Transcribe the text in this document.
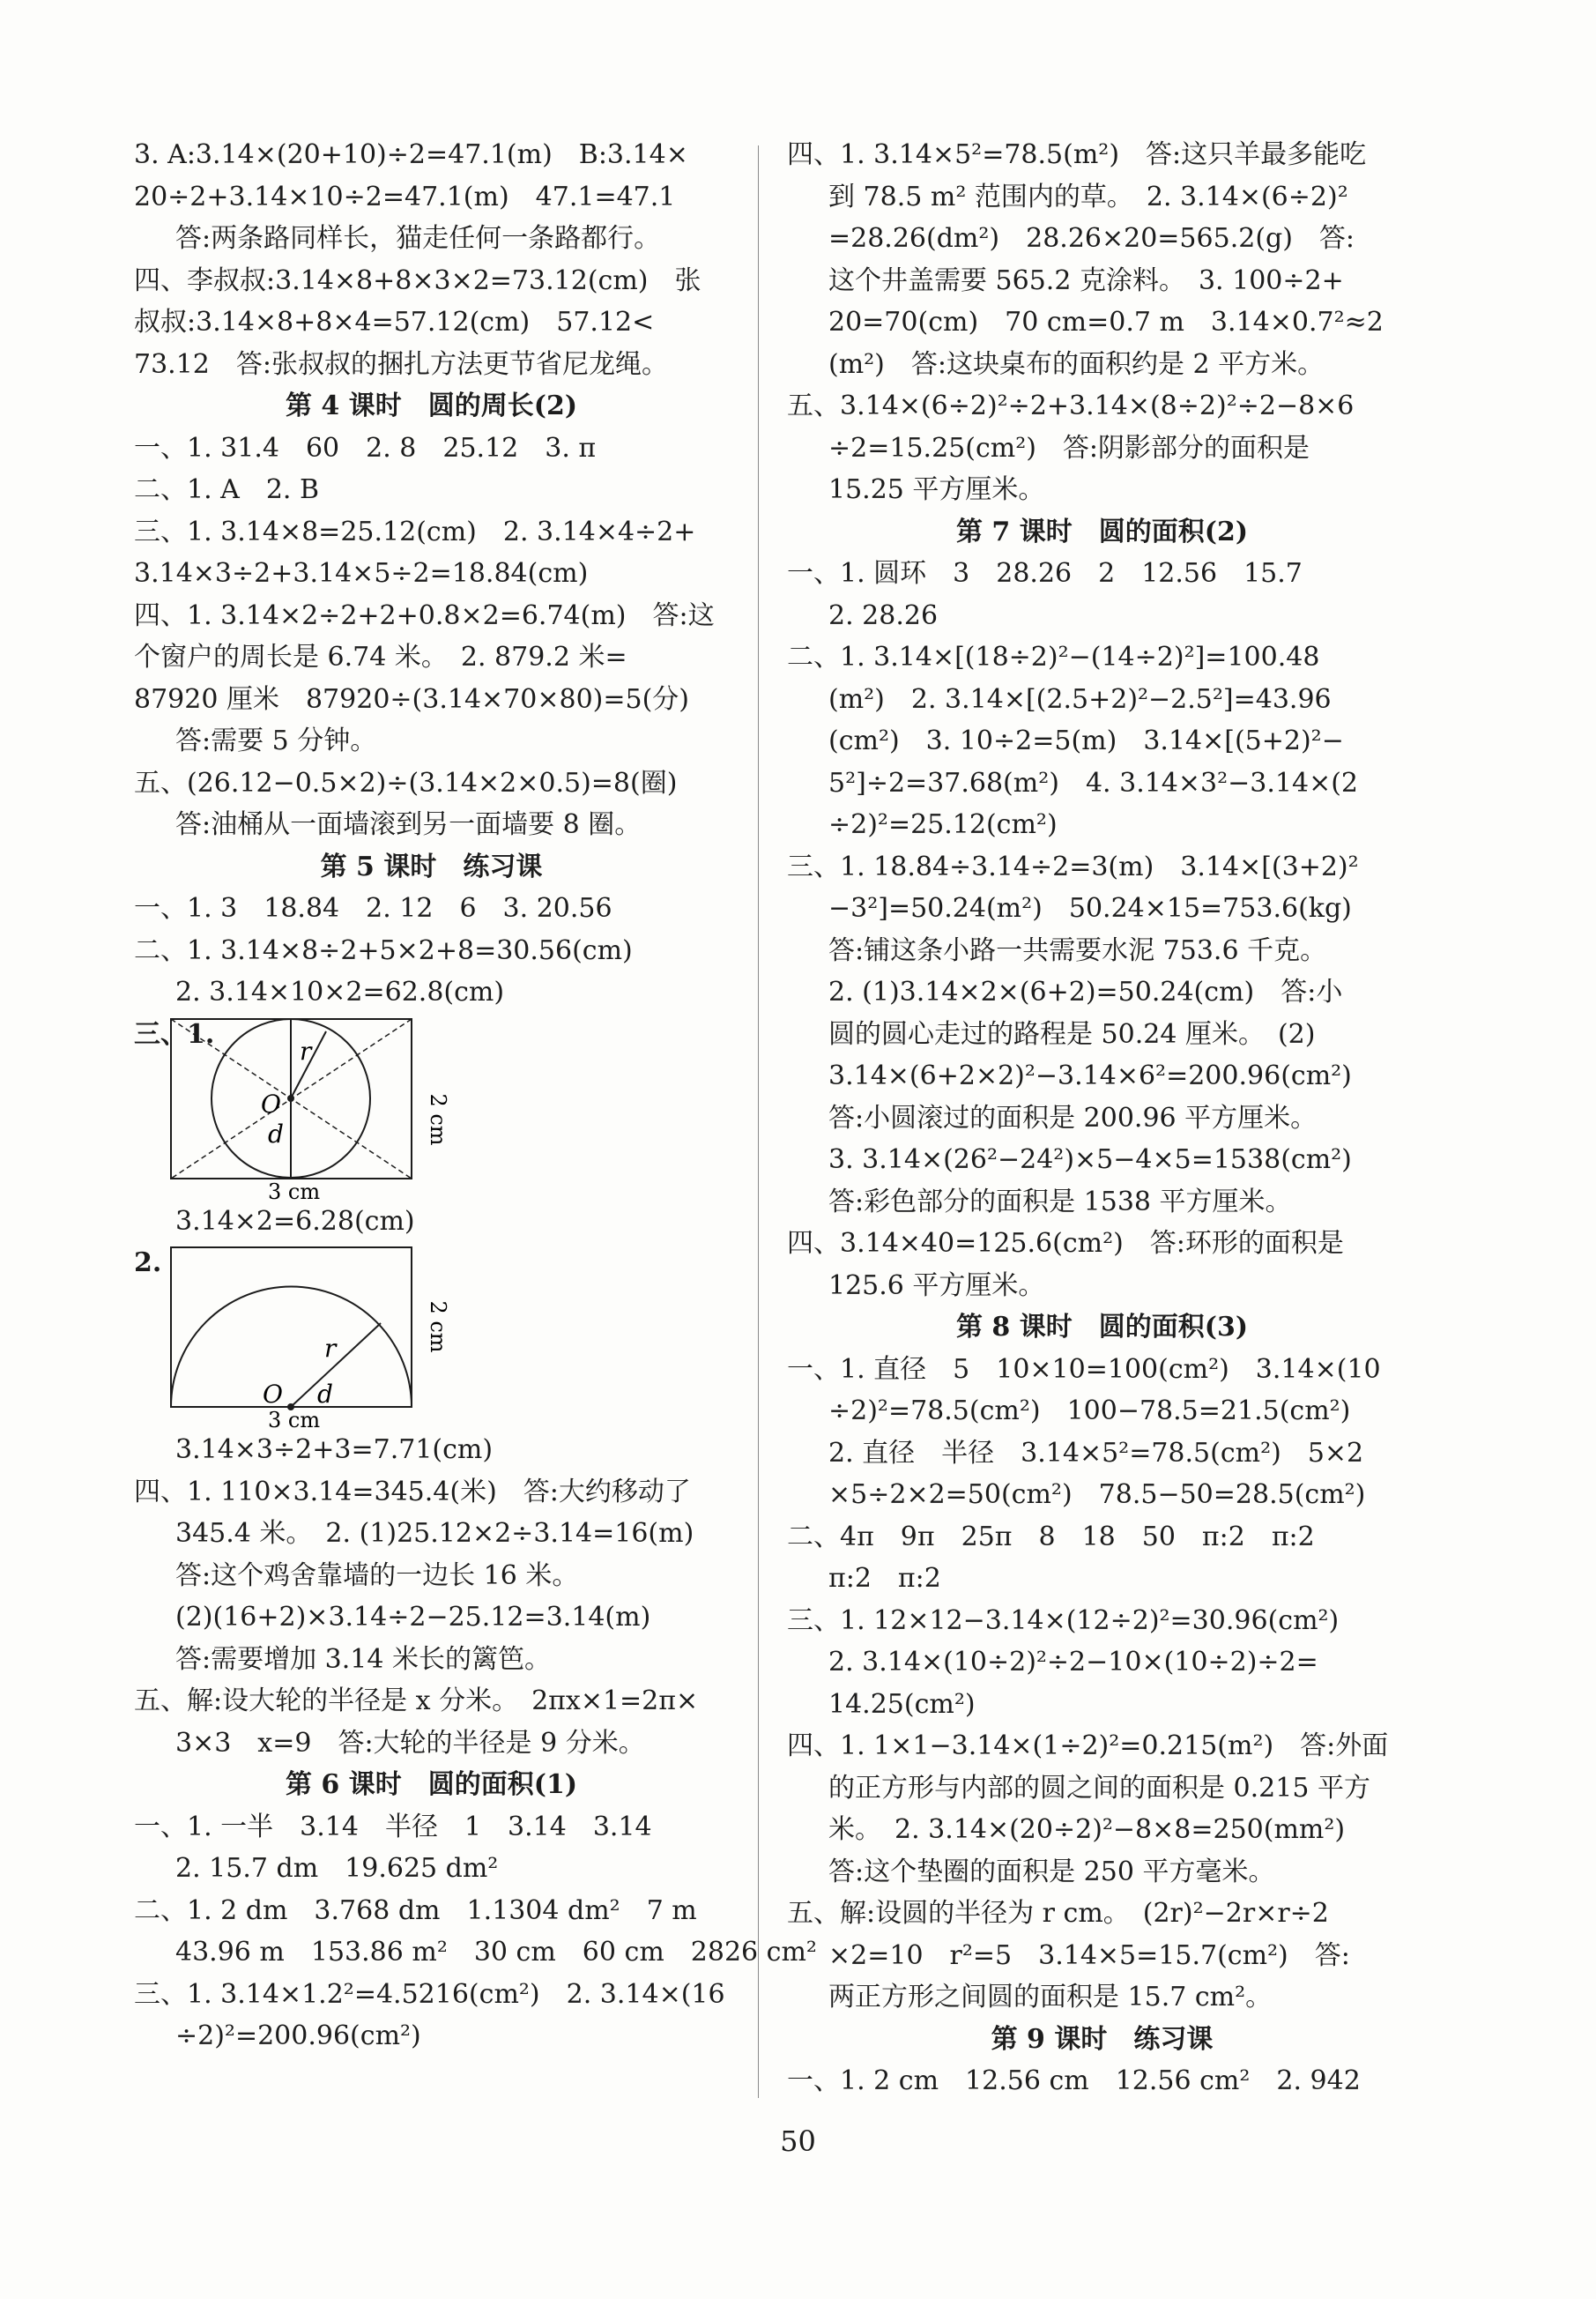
3. A:3.14×(20+10)÷2=47.1(m)　B:3.14×
20÷2+3.14×10÷2=47.1(m)　47.1=47.1
答:两条路同样长，猫走任何一条路都行。
四、李叔叔:3.14×8+8×3×2=73.12(cm)　张
叔叔:3.14×8+8×4=57.12(cm)　57.12<
73.12　答:张叔叔的捆扎方法更节省尼龙绳。
第 4 课时　圆的周长(2)
一、1. 31.4　60　2. 8　25.12　3. π
二、1. A　2. B
三、1. 3.14×8=25.12(cm)　2. 3.14×4÷2+
3.14×3÷2+3.14×5÷2=18.84(cm)
四、1. 3.14×2÷2+2+0.8×2=6.74(m)　答:这
个窗户的周长是 6.74 米。　2. 879.2 米=
87920 厘米　87920÷(3.14×70×80)=5(分)
答:需要 5 分钟。
五、(26.12−0.5×2)÷(3.14×2×0.5)=8(圈)
答:油桶从一面墙滚到另一面墙要 8 圈。
第 5 课时　练习课
一、1. 3　18.84　2. 12　6　3. 20.56
二、1. 3.14×8÷2+5×2+8=30.56(cm)
2. 3.14×10×2=62.8(cm)
三、1.
r
O
d
3 cm
2 cm
3.14×2=6.28(cm)
2.
r
O d
3 cm
2 cm
3.14×3÷2+3=7.71(cm)
四、1. 110×3.14=345.4(米)　答:大约移动了
345.4 米。　2. (1)25.12×2÷3.14=16(m)
答:这个鸡舍靠墙的一边长 16 米。
(2)(16+2)×3.14÷2−25.12=3.14(m)
答:需要增加 3.14 米长的篱笆。
五、解:设大轮的半径是 x 分米。　2πx×1=2π×
3×3　x=9　答:大轮的半径是 9 分米。
第 6 课时　圆的面积(1)
一、1. 一半　3.14　半径　1　3.14　3.14
2. 15.7 dm　19.625 dm²
二、1. 2 dm　3.768 dm　1.1304 dm²　7 m
43.96 m　153.86 m²　30 cm　60 cm　2826 cm²
三、1. 3.14×1.2²=4.5216(cm²)　2. 3.14×(16
÷2)²=200.96(cm²)
四、1. 3.14×5²=78.5(m²)　答:这只羊最多能吃
到 78.5 m² 范围内的草。　2. 3.14×(6÷2)²
=28.26(dm²)　28.26×20=565.2(g)　答:
这个井盖需要 565.2 克涂料。　3. 100÷2+
20=70(cm)　70 cm=0.7 m　3.14×0.7²≈2
(m²)　答:这块桌布的面积约是 2 平方米。
五、3.14×(6÷2)²÷2+3.14×(8÷2)²÷2−8×6
÷2=15.25(cm²)　答:阴影部分的面积是
15.25 平方厘米。
第 7 课时　圆的面积(2)
一、1. 圆环　3　28.26　2　12.56　15.7
2. 28.26
二、1. 3.14×[(18÷2)²−(14÷2)²]=100.48
(m²)　2. 3.14×[(2.5+2)²−2.5²]=43.96
(cm²)　3. 10÷2=5(m)　3.14×[(5+2)²−
5²]÷2=37.68(m²)　4. 3.14×3²−3.14×(2
÷2)²=25.12(cm²)
三、1. 18.84÷3.14÷2=3(m)　3.14×[(3+2)²
−3²]=50.24(m²)　50.24×15=753.6(kg)
答:铺这条小路一共需要水泥 753.6 千克。
2. (1)3.14×2×(6+2)=50.24(cm)　答:小
圆的圆心走过的路程是 50.24 厘米。　(2)
3.14×(6+2×2)²−3.14×6²=200.96(cm²)
答:小圆滚过的面积是 200.96 平方厘米。
3. 3.14×(26²−24²)×5−4×5=1538(cm²)
答:彩色部分的面积是 1538 平方厘米。
四、3.14×40=125.6(cm²)　答:环形的面积是
125.6 平方厘米。
第 8 课时　圆的面积(3)
一、1. 直径　5　10×10=100(cm²)　3.14×(10
÷2)²=78.5(cm²)　100−78.5=21.5(cm²)
2. 直径　半径　3.14×5²=78.5(cm²)　5×2
×5÷2×2=50(cm²)　78.5−50=28.5(cm²)
二、4π　9π　25π　8　18　50　π:2　π:2
π:2　π:2
三、1. 12×12−3.14×(12÷2)²=30.96(cm²)
2. 3.14×(10÷2)²÷2−10×(10÷2)÷2=
14.25(cm²)
四、1. 1×1−3.14×(1÷2)²=0.215(m²)　答:外面
的正方形与内部的圆之间的面积是 0.215 平方
米。　2. 3.14×(20÷2)²−8×8=250(mm²)
答:这个垫圈的面积是 250 平方毫米。
五、解:设圆的半径为 r cm。　(2r)²−2r×r÷2
×2=10　r²=5　3.14×5=15.7(cm²)　答:
两正方形之间圆的面积是 15.7 cm²。
第 9 课时　练习课
一、1. 2 cm　12.56 cm　12.56 cm²　2. 942
50
